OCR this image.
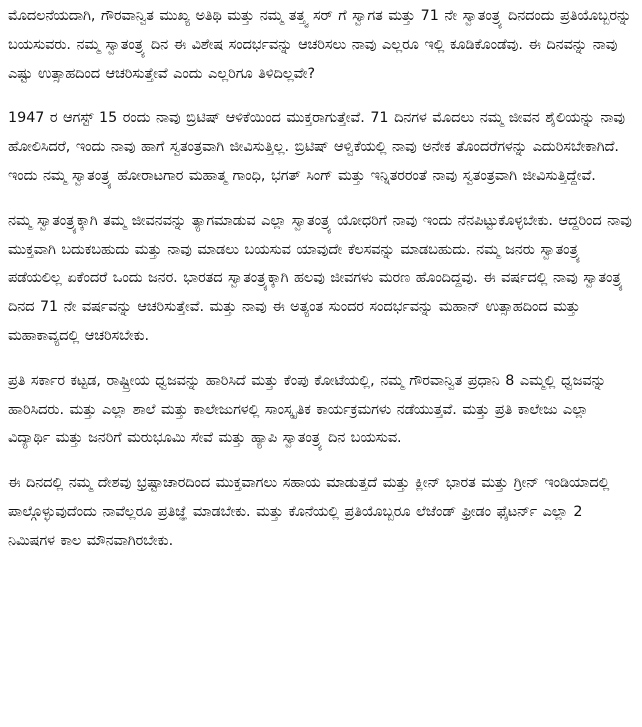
ಮೊದಲನೆಯದಾಗಿ, ಗೌರವಾನ್ವಿತ ಮುಖ್ಯ ಅತಿಥಿ ಮತ್ತು ನಮ್ಮ ತತ್ತ್ವ ಸರ್ ಗೆ ಸ್ವಾಗತ ಮತ್ತು 71 ನೇ ಸ್ವಾತಂತ್ರ್ಯ ದಿನದಂದು ಪ್ರತಿಯೊಬ್ಬರನ್ನು ಬಯಸುವರು. ನಮ್ಮ ಸ್ವಾತಂತ್ರ್ಯ ದಿನ ಈ ವಿಶೇಷ ಸಂದರ್ಭವನ್ನು ಆಚರಿಸಲು ನಾವು ಎಲ್ಲರೂ ಇಲ್ಲಿ ಕೂಡಿಕೊಂಡೆವು. ಈ ದಿನವನ್ನು ನಾವು ಎಷ್ಟು ಉತ್ಸಾಹದಿಂದ ಆಚರಿಸುತ್ತೇವೆ ಎಂದು ಎಲ್ಲರಿಗೂ ತಿಳಿದಿಲ್ಲವೇ?

1947 ರ ಆಗಸ್ಟ್ 15 ರಂದು ನಾವು ಬ್ರಿಟಿಷ್ ಆಳಿಕೆಯಿಂದ ಮುಕ್ತರಾಗುತ್ತೇವೆ. 71 ದಿನಗಳ ಮೊದಲು ನಮ್ಮ ಜೀವನ ಶೈಲಿಯನ್ನು ನಾವು ಹೋಲಿಸಿದರೆ, ಇಂದು ನಾವು ಹಾಗೆ ಸ್ವತಂತ್ರವಾಗಿ ಜೀವಿಸುತ್ತಿಲ್ಲ. ಬ್ರಿಟಿಷ್ ಆಳ್ವಿಕೆಯಲ್ಲಿ ನಾವು ಅನೇಕ ತೊಂದರೆಗಳನ್ನು ಎದುರಿಸಬೇಕಾಗಿದೆ. ಇಂದು ನಮ್ಮ ಸ್ವಾತಂತ್ರ್ಯ ಹೋರಾಟಗಾರ ಮಹಾತ್ಮ ಗಾಂಧಿ, ಭಗತ್ ಸಿಂಗ್ ಮತ್ತು ಇನ್ನಿತರರಂತೆ ನಾವು ಸ್ವತಂತ್ರವಾಗಿ ಜೀವಿಸುತ್ತಿದ್ದೇವೆ.

ನಮ್ಮ ಸ್ವಾತಂತ್ರ್ಯಕ್ಕಾಗಿ ತಮ್ಮ ಜೀವನವನ್ನು ತ್ಯಾಗಮಾಡುವ ಎಲ್ಲಾ ಸ್ವಾತಂತ್ರ್ಯ ಯೋಧರಿಗೆ ನಾವು ಇಂದು ನೆನಪಿಟ್ಟುಕೊಳ್ಳಬೇಕು. ಆದ್ದರಿಂದ ನಾವು ಮುಕ್ತವಾಗಿ ಬದುಕಬಹುದು ಮತ್ತು ನಾವು ಮಾಡಲು ಬಯಸುವ ಯಾವುದೇ ಕೆಲಸವನ್ನು ಮಾಡಬಹುದು. ನಮ್ಮ ಜನರು ಸ್ವಾತಂತ್ರ್ಯ ಪಡೆಯಲಿಲ್ಲ ಏಕೆಂದರೆ ಒಂದು ಜನರ. ಭಾರತದ ಸ್ವಾತಂತ್ರ್ಯಕ್ಕಾಗಿ ಹಲವು ಜೀವಗಳು ಮರಣ ಹೊಂದಿದ್ದವು. ಈ ವರ್ಷದಲ್ಲಿ ನಾವು ಸ್ವಾತಂತ್ರ್ಯ ದಿನದ 71 ನೇ ವರ್ಷವನ್ನು ಆಚರಿಸುತ್ತೇವೆ. ಮತ್ತು ನಾವು ಈ ಅತ್ಯಂತ ಸುಂದರ ಸಂದರ್ಭವನ್ನು ಮಹಾನ್ ಉತ್ಸಾಹದಿಂದ ಮತ್ತು ಮಹಾಕಾವ್ಯದಲ್ಲಿ ಆಚರಿಸಬೇಕು.

ಪ್ರತಿ ಸರ್ಕಾರ ಕಟ್ಟಡ, ರಾಷ್ಟ್ರೀಯ ಧ್ವಜವನ್ನು ಹಾರಿಸಿದೆ ಮತ್ತು ಕೆಂಪು ಕೋಟೆಯಲ್ಲಿ, ನಮ್ಮ ಗೌರವಾನ್ವಿತ ಪ್ರಧಾನಿ 8 ಎಮ್ಮಲ್ಲಿ ಧ್ವಜವನ್ನು ಹಾರಿಸಿದರು. ಮತ್ತು ಎಲ್ಲಾ ಶಾಲೆ ಮತ್ತು ಕಾಲೇಜುಗಳಲ್ಲಿ ಸಾಂಸ್ಕೃತಿಕ ಕಾರ್ಯಕ್ರಮಗಳು ನಡೆಯುತ್ತವೆ. ಮತ್ತು ಪ್ರತಿ ಕಾಲೇಜು ಎಲ್ಲಾ ವಿದ್ಯಾರ್ಥಿ ಮತ್ತು ಜನರಿಗೆ ಮರುಭೂಮಿ ಸೇವೆ ಮತ್ತು ಹ್ಯಾಪಿ ಸ್ವಾತಂತ್ರ್ಯ ದಿನ ಬಯಸುವ.

ಈ ದಿನದಲ್ಲಿ ನಮ್ಮ ದೇಶವು ಭ್ರಷ್ಟಾಚಾರದಿಂದ ಮುಕ್ತವಾಗಲು ಸಹಾಯ ಮಾಡುತ್ತದೆ ಮತ್ತು ಕ್ಲೀನ್ ಭಾರತ ಮತ್ತು ಗ್ರೀನ್ ಇಂಡಿಯಾದಲ್ಲಿ ಪಾಲ್ಗೊಳ್ಳುವುದೆಂದು ನಾವೆಲ್ಲರೂ ಪ್ರತಿಜ್ಞೆ ಮಾಡಬೇಕು. ಮತ್ತು ಕೊನೆಯಲ್ಲಿ ಪ್ರತಿಯೊಬ್ಬರೂ ಲೆಜೆಂಡ್ ಫ್ರೀಡಂ ಫೈಟರ್ನ್ ಎಲ್ಲಾ 2 ನಿಮಿಷಗಳ ಕಾಲ ಮೌನವಾಗಿರಬೇಕು.
